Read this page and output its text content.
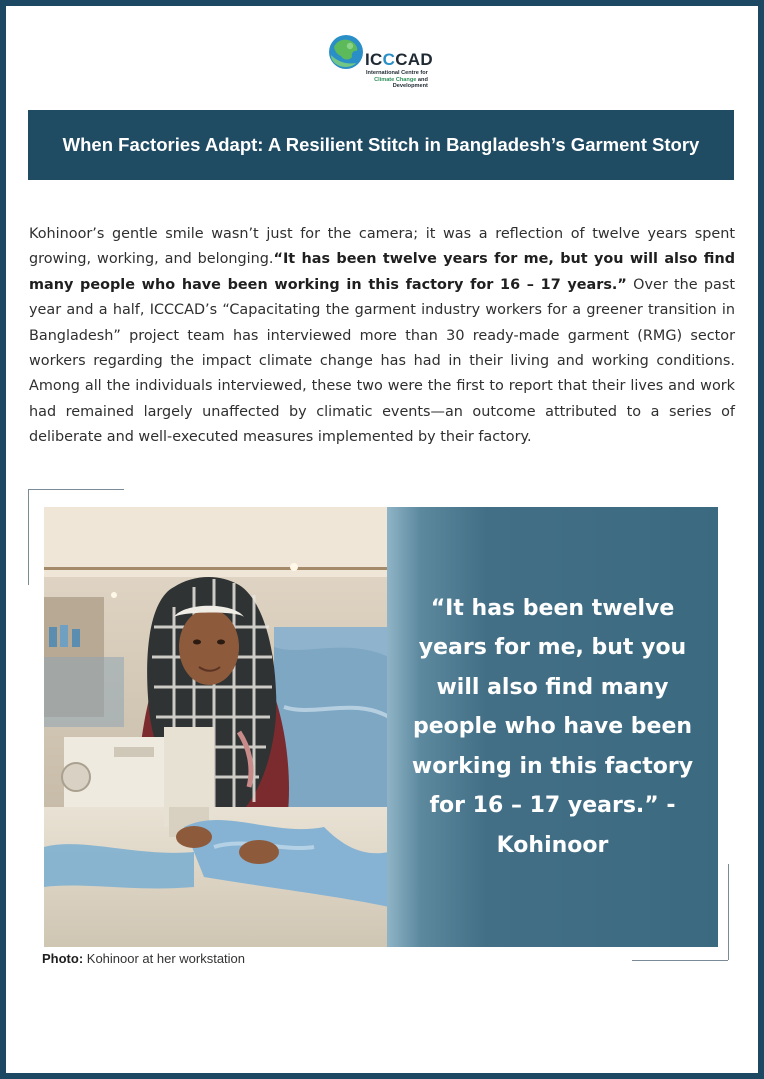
ICCCAD
International Centre for
Climate Change and
Development
When Factories Adapt: A Resilient Stitch in Bangladesh’s Garment Story

Kohinoor’s gentle smile wasn’t just for the camera; it was a reflection of twelve years spent growing, working, and belonging.“It has been twelve years for me, but you will also find many people who have been working in this factory for 16 – 17 years.” Over the past year and a half, ICCCAD’s “Capacitating the garment industry workers for a greener transition in Bangladesh” project team has interviewed more than 30 ready-made garment (RMG) sector workers regarding the impact climate change has had in their living and working conditions. Among all the individuals interviewed, these two were the first to report that their lives and work had remained largely unaffected by climatic events—an outcome attributed to a series of deliberate and well-executed measures implemented by their factory.

“It has been twelve years for me, but you will also find many people who have been working in this factory for 16 – 17 years.” - Kohinoor

Photo: Kohinoor at her workstation
